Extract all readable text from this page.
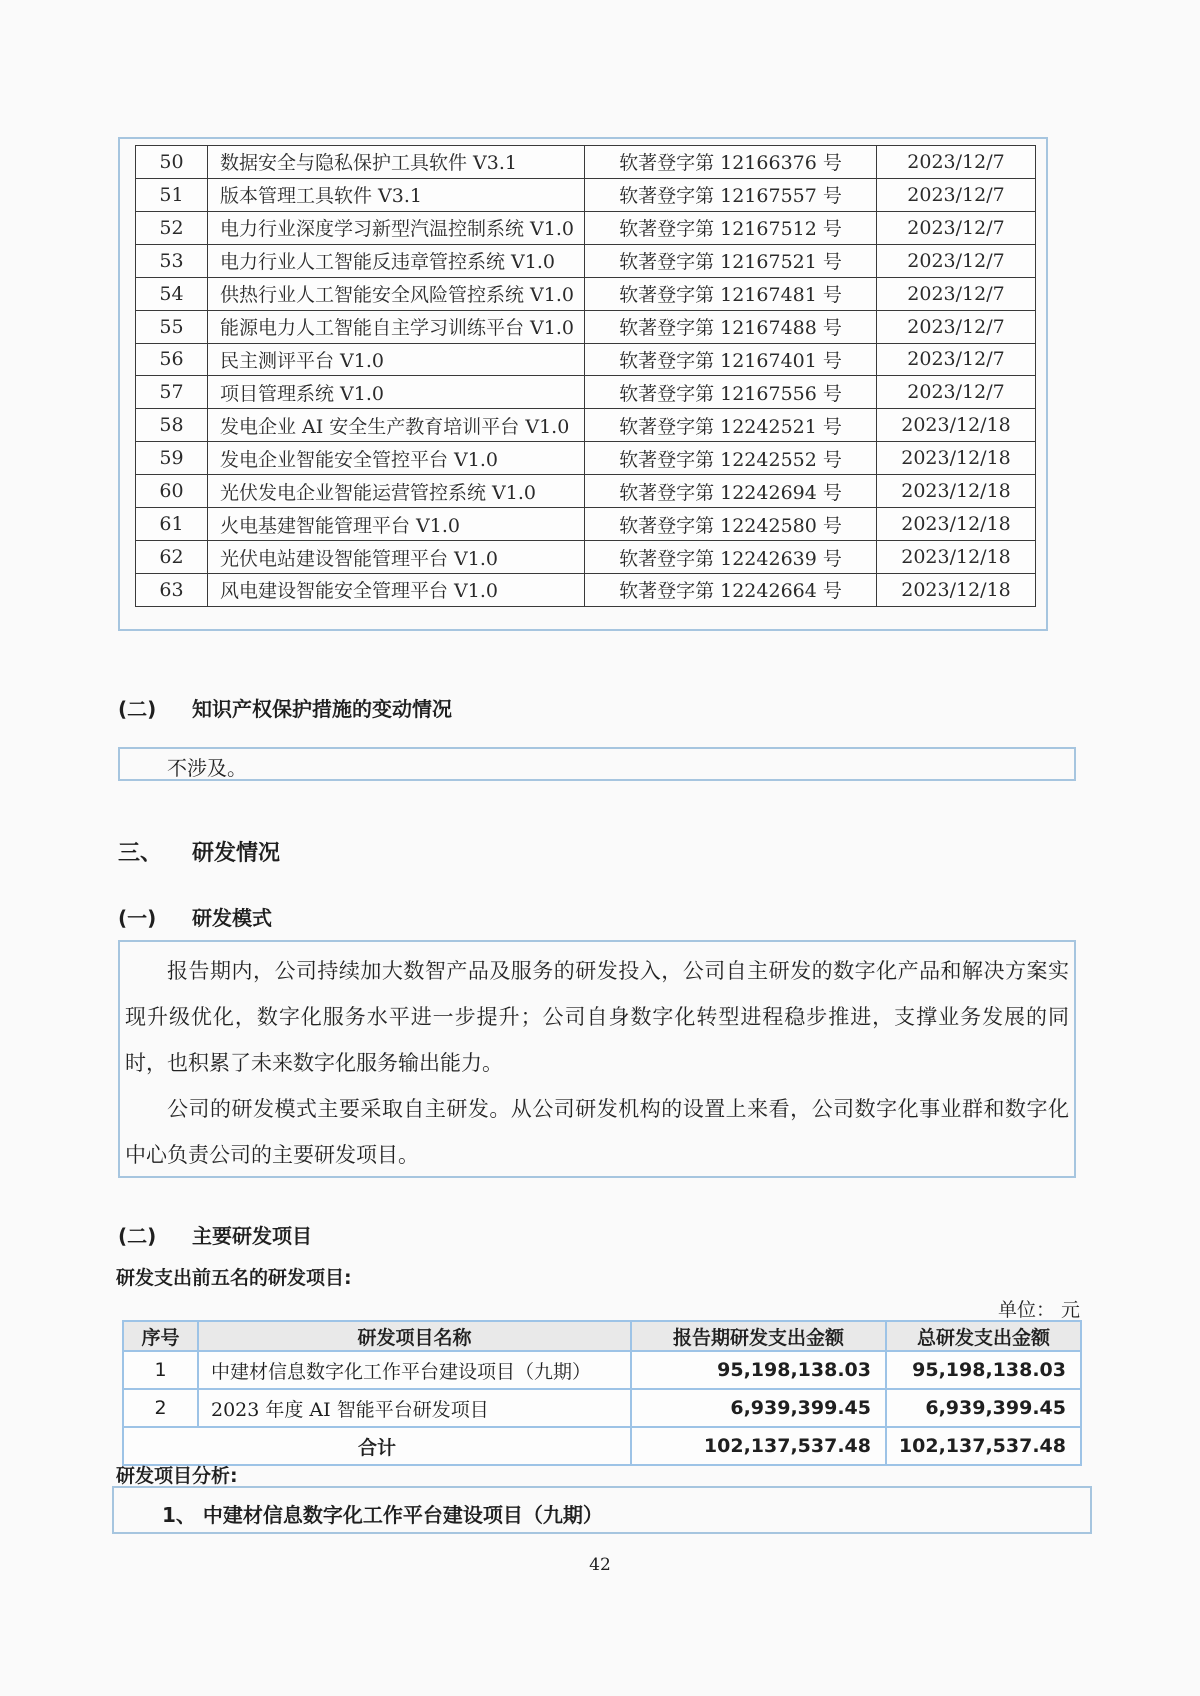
50	数据安全与隐私保护工具软件 V3.1	软著登字第 12166376 号	2023/12/7
51	版本管理工具软件 V3.1	软著登字第 12167557 号	2023/12/7
52	电力行业深度学习新型汽温控制系统 V1.0	软著登字第 12167512 号	2023/12/7
53	电力行业人工智能反违章管控系统 V1.0	软著登字第 12167521 号	2023/12/7
54	供热行业人工智能安全风险管控系统 V1.0	软著登字第 12167481 号	2023/12/7
55	能源电力人工智能自主学习训练平台 V1.0	软著登字第 12167488 号	2023/12/7
56	民主测评平台 V1.0	软著登字第 12167401 号	2023/12/7
57	项目管理系统 V1.0	软著登字第 12167556 号	2023/12/7
58	发电企业 AI 安全生产教育培训平台 V1.0	软著登字第 12242521 号	2023/12/18
59	发电企业智能安全管控平台 V1.0	软著登字第 12242552 号	2023/12/18
60	光伏发电企业智能运营管控系统 V1.0	软著登字第 12242694 号	2023/12/18
61	火电基建智能管理平台 V1.0	软著登字第 12242580 号	2023/12/18
62	光伏电站建设智能管理平台 V1.0	软著登字第 12242639 号	2023/12/18
63	风电建设智能安全管理平台 V1.0	软著登字第 12242664 号	2023/12/18
(二) 知识产权保护措施的变动情况
不涉及。
三、 研发情况
(一) 研发模式

报告期内，公司持续加大数智产品及服务的研发投入，公司自主研发的数字化产品和解决方案实现升级优化，数字化服务水平进一步提升；公司自身数字化转型进程稳步推进，支撑业务发展的同时，也积累了未来数字化服务输出能力。

公司的研发模式主要采取自主研发。从公司研发机构的设置上来看，公司数字化事业群和数字化中心负责公司的主要研发项目。

(二) 主要研发项目
研发支出前五名的研发项目:
单位： 元
序号	研发项目名称	报告期研发支出金额	总研发支出金额
1	中建材信息数字化工作平台建设项目（九期）	95,198,138.03	95,198,138.03
2	2023 年度 AI 智能平台研发项目	6,939,399.45	6,939,399.45
合计		102,137,537.48	102,137,537.48
研发项目分析:
1、 中建材信息数字化工作平台建设项目（九期）
42
